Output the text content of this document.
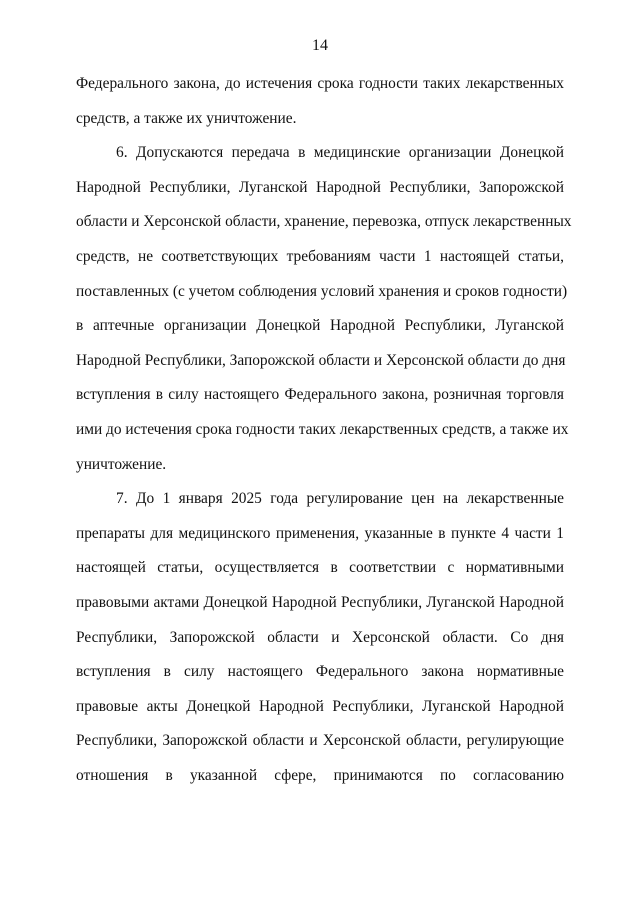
14
Федерального закона, до истечения срока годности таких лекарственных
средств, а также их уничтожение.
6. Допускаются передача в медицинские организации Донецкой
Народной Республики, Луганской Народной Республики, Запорожской
области и Херсонской области, хранение, перевозка, отпуск лекарственных
средств, не соответствующих требованиям части 1 настоящей статьи,
поставленных (с учетом соблюдения условий хранения и сроков годности)
в аптечные организации Донецкой Народной Республики, Луганской
Народной Республики, Запорожской области и Херсонской области до дня
вступления в силу настоящего Федерального закона, розничная торговля
ими до истечения срока годности таких лекарственных средств, а также их
уничтожение.
7. До 1 января 2025 года регулирование цен на лекарственные
препараты для медицинского применения, указанные в пункте 4 части 1
настоящей статьи, осуществляется в соответствии с нормативными
правовыми актами Донецкой Народной Республики, Луганской Народной
Республики, Запорожской области и Херсонской области. Со дня
вступления в силу настоящего Федерального закона нормативные
правовые акты Донецкой Народной Республики, Луганской Народной
Республики, Запорожской области и Херсонской области, регулирующие
отношения в указанной сфере, принимаются по согласованию
